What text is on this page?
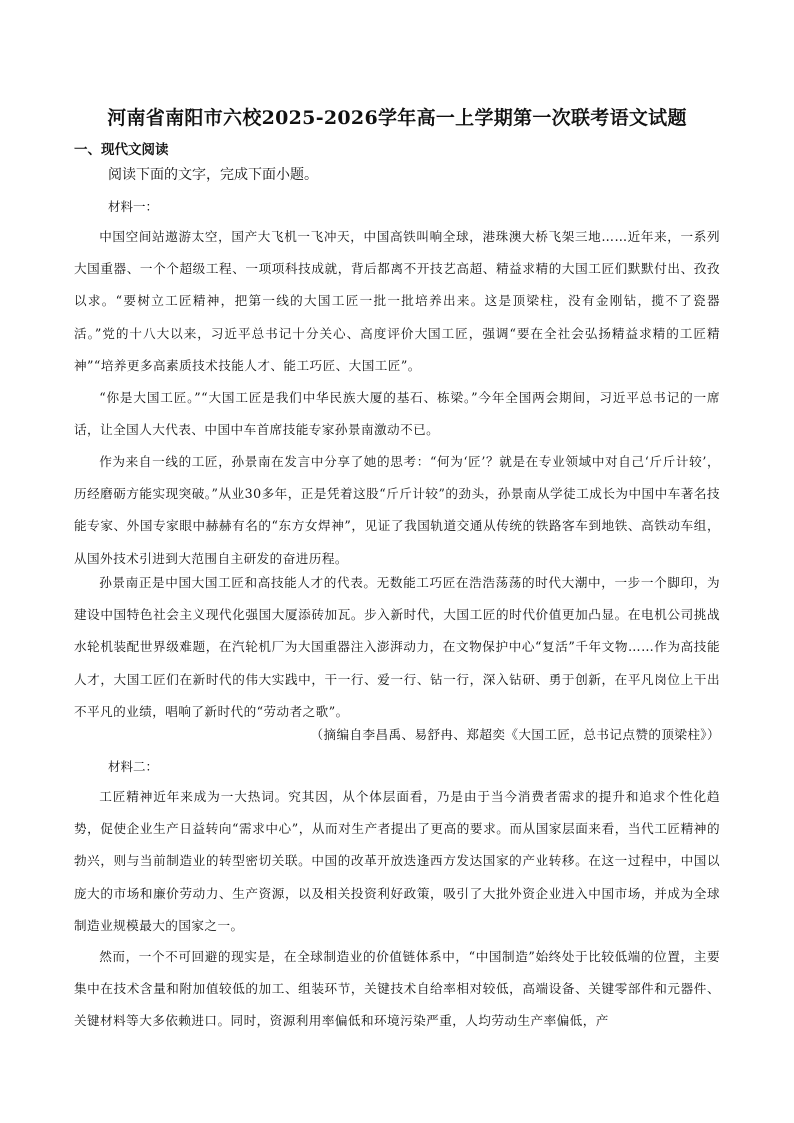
河南省南阳市六校2025-2026学年高一上学期第一次联考语文试题
一、现代文阅读
阅读下面的文字，完成下面小题。
材料一：
中国空间站遨游太空，国产大飞机一飞冲天，中国高铁叫响全球，港珠澳大桥飞架三地……近年来，一系列大国重器、一个个超级工程、一项项科技成就，背后都离不开技艺高超、精益求精的大国工匠们默默付出、孜孜以求。“要树立工匠精神，把第一线的大国工匠一批一批培养出来。这是顶梁柱，没有金刚钻，揽不了瓷器活。”党的十八大以来，习近平总书记十分关心、高度评价大国工匠，强调“要在全社会弘扬精益求精的工匠精神”“培养更多高素质技术技能人才、能工巧匠、大国工匠”。
“你是大国工匠。”“大国工匠是我们中华民族大厦的基石、栋梁。”今年全国两会期间，习近平总书记的一席话，让全国人大代表、中国中车首席技能专家孙景南激动不已。
作为来自一线的工匠，孙景南在发言中分享了她的思考：“何为‘匠’？就是在专业领域中对自己‘斤斤计较’，历经磨砺方能实现突破。”从业30多年，正是凭着这股“斤斤计较”的劲头，孙景南从学徒工成长为中国中车著名技能专家、外国专家眼中赫赫有名的“东方女焊神”，见证了我国轨道交通从传统的铁路客车到地铁、高铁动车组，从国外技术引进到大范围自主研发的奋进历程。
孙景南正是中国大国工匠和高技能人才的代表。无数能工巧匠在浩浩荡荡的时代大潮中，一步一个脚印，为建设中国特色社会主义现代化强国大厦添砖加瓦。步入新时代，大国工匠的时代价值更加凸显。在电机公司挑战水轮机装配世界级难题，在汽轮机厂为大国重器注入澎湃动力，在文物保护中心“复活”千年文物……作为高技能人才，大国工匠们在新时代的伟大实践中，干一行、爱一行、钻一行，深入钻研、勇于创新，在平凡岗位上干出不平凡的业绩，唱响了新时代的“劳动者之歌”。
（摘编自李昌禹、易舒冉、郑超奕《大国工匠，总书记点赞的顶梁柱》）
材料二：
工匠精神近年来成为一大热词。究其因，从个体层面看，乃是由于当今消费者需求的提升和追求个性化趋势，促使企业生产日益转向“需求中心”，从而对生产者提出了更高的要求。而从国家层面来看，当代工匠精神的勃兴，则与当前制造业的转型密切关联。中国的改革开放迭逢西方发达国家的产业转移。在这一过程中，中国以庞大的市场和廉价劳动力、生产资源，以及相关投资利好政策，吸引了大批外资企业进入中国市场，并成为全球制造业规模最大的国家之一。
然而，一个不可回避的现实是，在全球制造业的价值链体系中，“中国制造”始终处于比较低端的位置，主要集中在技术含量和附加值较低的加工、组装环节，关键技术自给率相对较低，高端设备、关键零部件和元器件、关键材料等大多依赖进口。同时，资源利用率偏低和环境污染严重，人均劳动生产率偏低，产
